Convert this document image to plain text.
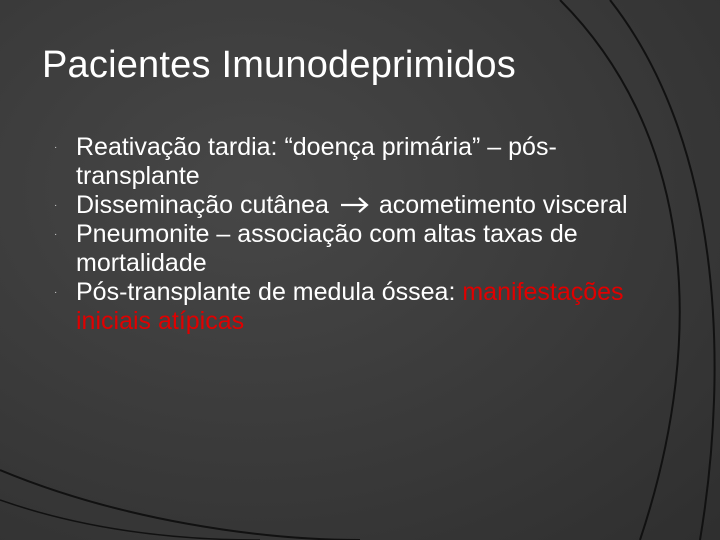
Pacientes Imunodeprimidos
· Reativação tardia: “doença primária” – pós-transplante
· Disseminação cutânea acometimento visceral
· Pneumonite – associação com altas taxas de mortalidade
· Pós-transplante de medula óssea: manifestações iniciais atípicas
